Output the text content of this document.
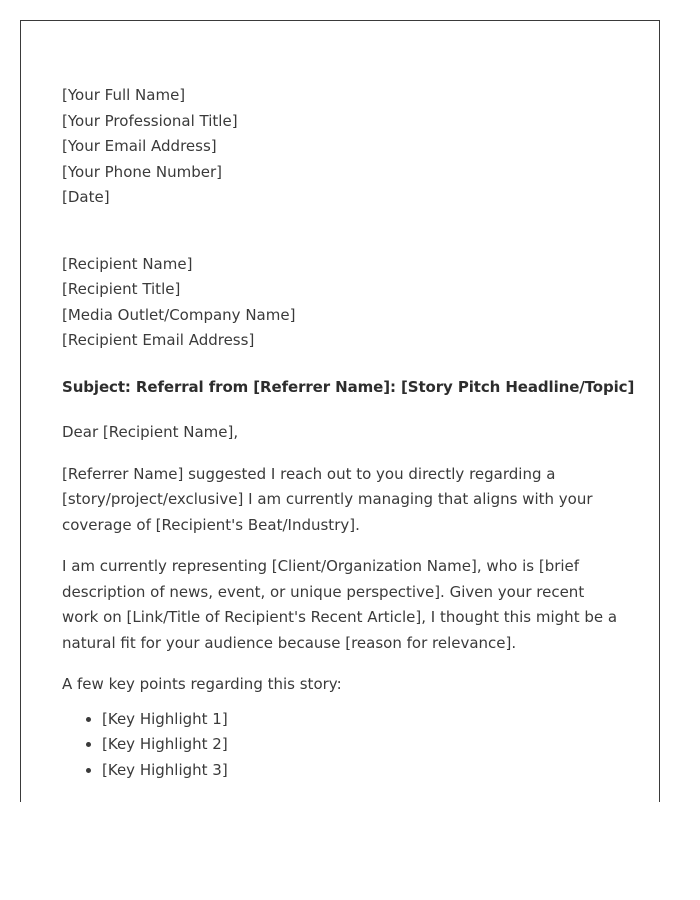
[Your Full Name]
[Your Professional Title]
[Your Email Address]
[Your Phone Number]
[Date]
[Recipient Name]
[Recipient Title]
[Media Outlet/Company Name]
[Recipient Email Address]
Subject: Referral from [Referrer Name]: [Story Pitch Headline/Topic]
Dear [Recipient Name],

[Referrer Name] suggested I reach out to you directly regarding a [story/project/exclusive] I am currently managing that aligns with your coverage of [Recipient's Beat/Industry].

I am currently representing [Client/Organization Name], who is [brief description of news, event, or unique perspective]. Given your recent work on [Link/Title of Recipient's Recent Article], I thought this might be a natural fit for your audience because [reason for relevance].

A few key points regarding this story:

• [Key Highlight 1]
• [Key Highlight 2]
• [Key Highlight 3]
